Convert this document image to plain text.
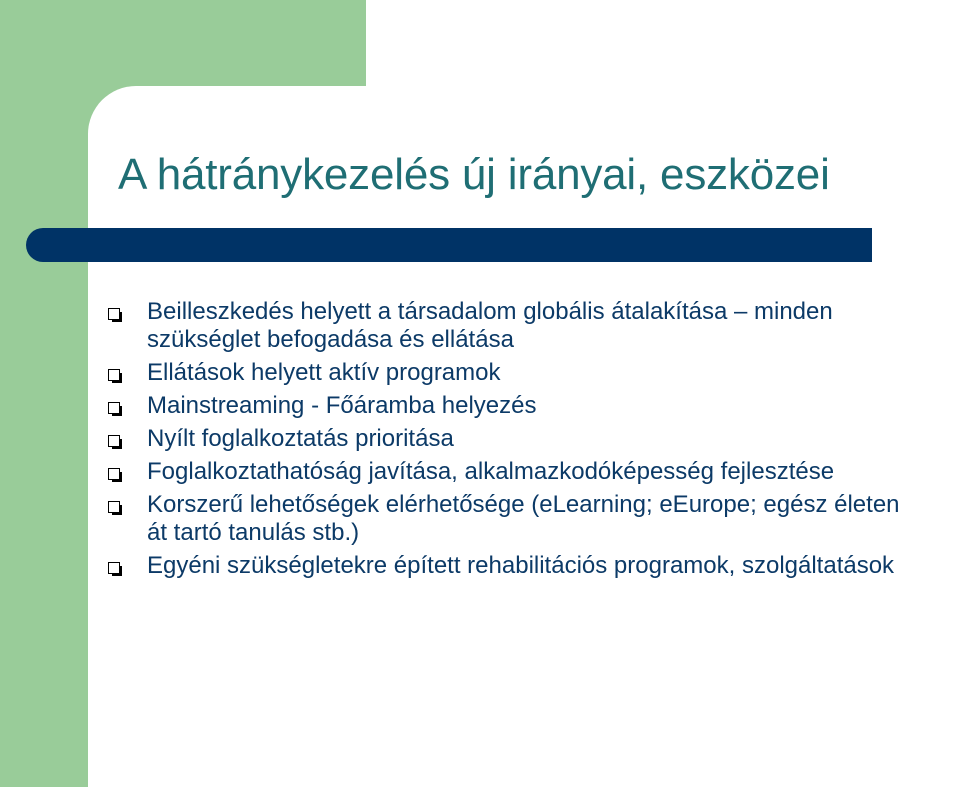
A hátránykezelés új irányai, eszközei
Beilleszkedés helyett a társadalom globális átalakítása – minden szükséglet befogadása és ellátása
Ellátások helyett aktív programok
Mainstreaming - Főáramba helyezés
Nyílt foglalkoztatás prioritása
Foglalkoztathatóság javítása, alkalmazkodóképesség fejlesztése
Korszerű lehetőségek elérhetősége (eLearning; eEurope; egész életen át tartó tanulás stb.)
Egyéni szükségletekre épített rehabilitációs programok, szolgáltatások
